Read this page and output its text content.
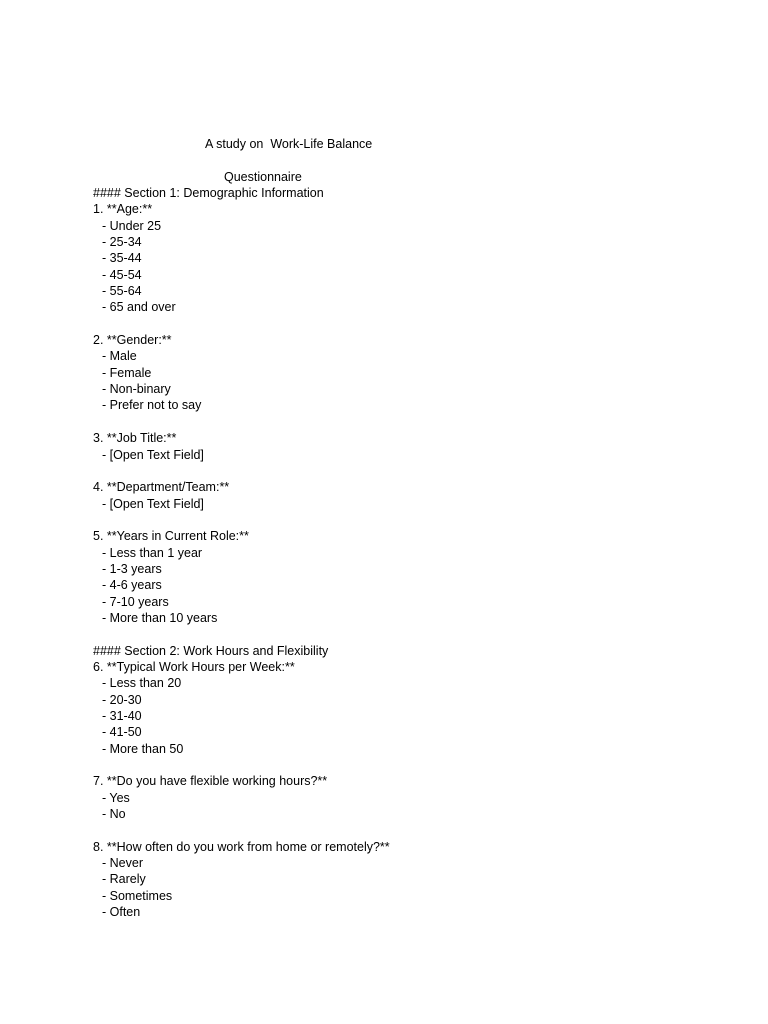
A study on  Work-Life Balance

Questionnaire

#### Section 1: Demographic Information
1. **Age:**
- Under 25
- 25-34
- 35-44
- 45-54
- 55-64
- 65 and over
2. **Gender:**
- Male
- Female
- Non-binary
- Prefer not to say
3. **Job Title:**
- [Open Text Field]
4. **Department/Team:**
- [Open Text Field]
5. **Years in Current Role:**
- Less than 1 year
- 1-3 years
- 4-6 years
- 7-10 years
- More than 10 years
#### Section 2: Work Hours and Flexibility
6. **Typical Work Hours per Week:**
- Less than 20
- 20-30
- 31-40
- 41-50
- More than 50
7. **Do you have flexible working hours?**
- Yes
- No
8. **How often do you work from home or remotely?**
- Never
- Rarely
- Sometimes
- Often
